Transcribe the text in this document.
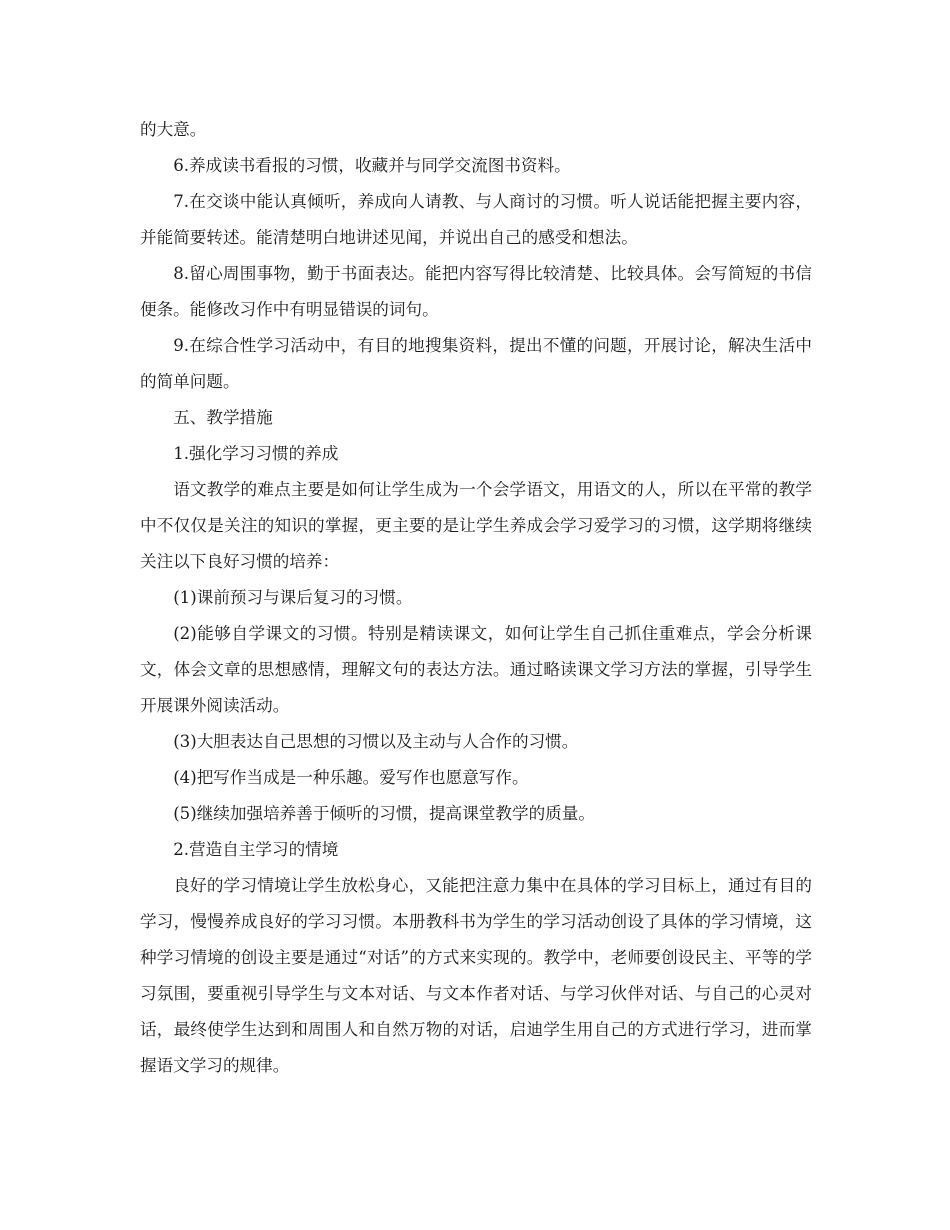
的大意。

6.养成读书看报的习惯，收藏并与同学交流图书资料。

7.在交谈中能认真倾听，养成向人请教、与人商讨的习惯。听人说话能把握主要内容，并能简要转述。能清楚明白地讲述见闻，并说出自己的感受和想法。

8.留心周围事物，勤于书面表达。能把内容写得比较清楚、比较具体。会写简短的书信便条。能修改习作中有明显错误的词句。

9.在综合性学习活动中，有目的地搜集资料，提出不懂的问题，开展讨论，解决生活中的简单问题。

五、教学措施

1.强化学习习惯的养成

语文教学的难点主要是如何让学生成为一个会学语文，用语文的人，所以在平常的教学中不仅仅是关注的知识的掌握，更主要的是让学生养成会学习爱学习的习惯，这学期将继续关注以下良好习惯的培养：

(1)课前预习与课后复习的习惯。

(2)能够自学课文的习惯。特别是精读课文，如何让学生自己抓住重难点，学会分析课文，体会文章的思想感情，理解文句的表达方法。通过略读课文学习方法的掌握，引导学生开展课外阅读活动。

(3)大胆表达自己思想的习惯以及主动与人合作的习惯。

(4)把写作当成是一种乐趣。爱写作也愿意写作。

(5)继续加强培养善于倾听的习惯，提高课堂教学的质量。

2.营造自主学习的情境

良好的学习情境让学生放松身心，又能把注意力集中在具体的学习目标上，通过有目的学习，慢慢养成良好的学习习惯。本册教科书为学生的学习活动创设了具体的学习情境，这种学习情境的创设主要是通过“对话”的方式来实现的。教学中，老师要创设民主、平等的学习氛围，要重视引导学生与文本对话、与文本作者对话、与学习伙伴对话、与自己的心灵对话，最终使学生达到和周围人和自然万物的对话，启迪学生用自己的方式进行学习，进而掌握语文学习的规律。
